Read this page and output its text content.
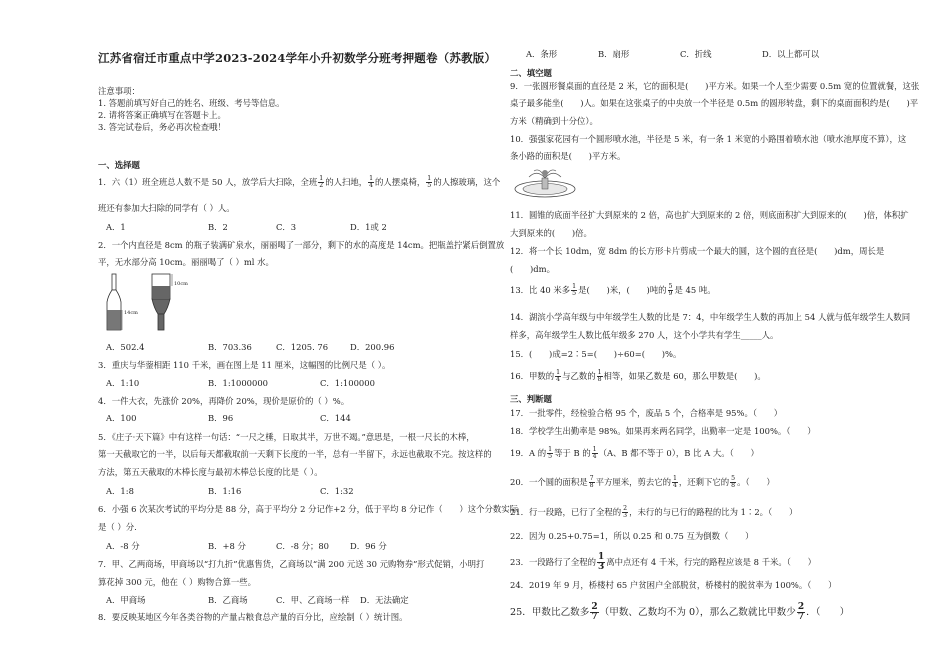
江苏省宿迁市重点中学2023-2024学年小升初数学分班考押题卷（苏教版）
注意事项：
1. 答题前填写好自己的姓名、班级、考号等信息。
2. 请将答案正确填写在答题卡上。
3. 答完试卷后，务必再次检查哦！
一、选择题
1．六（1）班全班总人数不是 50 人，放学后大扫除，全班 $\frac{1}{2}$ 的人扫地， $\frac{1}{4}$ 的人摆桌椅， $\frac{1}{5}$ 的人擦玻璃，这个
班还有参加大扫除的同学有（ ）人。
A．1	B．2	C．3	D．1或 2
2．一个内直径是 8cm 的瓶子装满矿泉水，丽丽喝了一部分，剩下的水的高度是 14cm。把瓶盖拧紧后倒置放
平，无水部分高 10cm。丽丽喝了（ ）ml 水。
14cm
10cm
A．502.4	B．703.36	C．1205. 76	D．200.96
3．重庆与华蓥相距 110 千米，画在图上是 11 厘米，这幅图的比例尺是（ ）。
A．1:10	B．1:1000000	C．1:100000
4．一件大衣，先涨价 20%，再降价 20%，现价是原价的（ ）%。
A．100	B．96	C．144
5．《庄子·天下篇》中有这样一句话：“一尺之棰，日取其半，万世不竭。”意思是，一根一尺长的木棒，
第一天截取它的一半，以后每天都截取前一天剩下长度的一半，总有一半留下，永远也截取不完。按这样的
方法，第五天截取的木棒长度与最初木棒总长度的比是（ ）。
A．1:8	B．1:16	C．1:32
6．小强 6 次某次考试的平均分是 88 分，高于平均分 2 分记作+2 分，低于平均 8 分记作（　　）这个分数实际
是（ ）分.
A．-8 分	B．+8 分	C．-8 分；80 D．96 分
7．甲、乙两商场，甲商场以“打九折”优惠售货，乙商场以“满 200 元送 30 元购物券”形式促销，小明打
算花掉 300 元，他在（ ）购物合算一些。
A．甲商场	B．乙商场	C．甲、乙商场一样 D．无法确定
8．要反映某地区今年各类谷物的产量占粮食总产量的百分比，应绘制（ ）统计图。
A．条形	B．扇形	C．折线	D．以上都可以
二、填空题
9．一张圆形餐桌面的直径是 2 米，它的面积是(　　)平方米。如果一个人至少需要 0.5m 宽的位置就餐，这张
桌子最多能坐(　　)人。如果在这张桌子的中央放一个半径是 0.5m 的圆形转盘，剩下的桌面面积约是(　　)平
方米（精确到十分位）。
10．强强家花园有一个圆形喷水池，半径是 5 米，有一条 1 米宽的小路围着喷水池（喷水池厚度不算），这
条小路的面积是(　　)平方米。
11．圆锥的底面半径扩大到原来的 2 倍，高也扩大到原来的 2 倍，则底面积扩大到原来的(　　)倍，体积扩
大到原来的(　　)倍。
12．将一个长 10dm，宽 8dm 的长方形卡片剪成一个最大的圆，这个圆的直径是(　　)dm，周长是
(　　)dm。
13．比 40 米多 $\frac{1}{5}$ 是(　　)米，(　　)吨的 $\frac{5}{9}$ 是 45 吨。
14．湖滨小学高年级与中年级学生人数的比是 7：4，中年级学生人数的再加上 54 人就与低年级学生人数同
样多，高年级学生人数比低年级多 270 人，这个小学共有学生_____人。
15．(　　)成=2∶5=(　　)÷60=(　　)%。
16．甲数的 $\frac{1}{4}$ 与乙数的 $\frac{1}{8}$ 相等，如果乙数是 60，那么甲数是(　　)。
三、判断题
17．一批零件，经检验合格 95 个，废品 5 个，合格率是 95%。（　　）
18．学校学生出勤率是 98%。如果再来两名同学，出勤率一定是 100%。（　　）
19．A 的 $\frac{1}{5}$ 等于 B 的 $\frac{1}{4} (A$、B 都不等于 0），B 比 A 大。（　　）
20．一个圆的面积是 $\frac{7}{8}$ 平方厘米，剪去它的 $\frac{1}{4}$ ，还剩下它的 $\frac{5}{8}$ 。（　　）
21．行一段路，已行了全程的 $\frac{2}{3}$ ，未行的与已行的路程的比为 1∶2。（　　）
22．因为 0.25+0.75=1，所以 0.25 和 0.75 互为倒数（　　）
23．一段路行了全程的 $\frac{1}{3}$ 离中点还有 4 千米，行完的路程应该是 8 千米。（　　）
24．2019 年 9 月，桥楼村 65 户贫困户全部脱贫，桥楼村的脱贫率为 100%。（　　）
25．甲数比乙数多 $\frac{2}{7}$ （甲数、乙数均不为 0），那么乙数就比甲数少 $\frac{2}{7}$ ．（　　）
